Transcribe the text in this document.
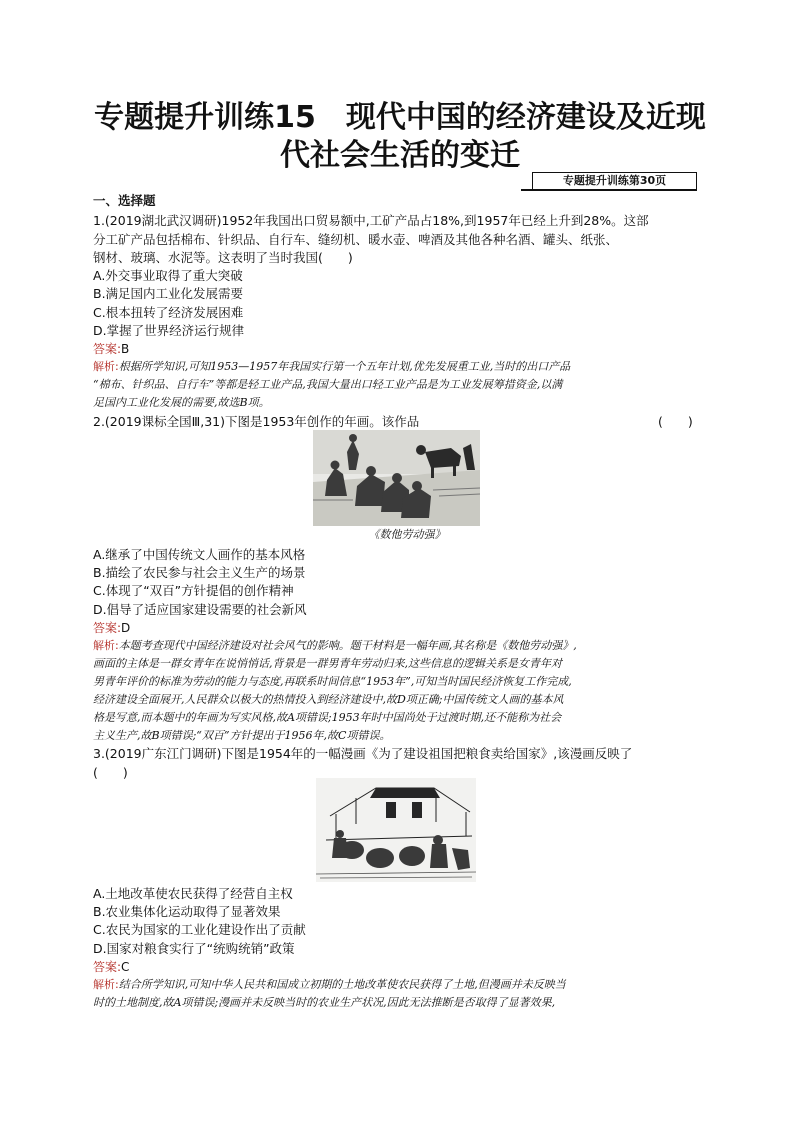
专题提升训练15　现代中国的经济建设及近现
代社会生活的变迁
专题提升训练第30页
一、选择题
1.(2019湖北武汉调研)1952年我国出口贸易额中,工矿产品占18%,到1957年已经上升到28%。这部
分工矿产品包括棉布、针织品、自行车、缝纫机、暖水壶、啤酒及其他各种名酒、罐头、纸张、
钢材、玻璃、水泥等。这表明了当时我国(　　)
A.外交事业取得了重大突破
B.满足国内工业化发展需要
C.根本扭转了经济发展困难
D.掌握了世界经济运行规律
答案:B
解析:根据所学知识,可知1953—1957年我国实行第一个五年计划,优先发展重工业,当时的出口产品
“棉布、针织品、自行车”等都是轻工业产品,我国大量出口轻工业产品是为工业发展筹措资金,以满
足国内工业化发展的需要,故选B项。
2.(2019课标全国Ⅲ,31)下图是1953年创作的年画。该作品	(　　)
《数他劳动强》
A.继承了中国传统文人画作的基本风格
B.描绘了农民参与社会主义生产的场景
C.体现了“双百”方针提倡的创作精神
D.倡导了适应国家建设需要的社会新风
答案:D
解析:本题考查现代中国经济建设对社会风气的影响。题干材料是一幅年画,其名称是《数他劳动强》,
画面的主体是一群女青年在说悄悄话,背景是一群男青年劳动归来,这些信息的逻辑关系是女青年对
男青年评价的标准为劳动的能力与态度,再联系时间信息“1953年”,可知当时国民经济恢复工作完成,
经济建设全面展开,人民群众以极大的热情投入到经济建设中,故D项正确;中国传统文人画的基本风
格是写意,而本题中的年画为写实风格,故A项错误;1953年时中国尚处于过渡时期,还不能称为社会
主义生产,故B项错误;“双百”方针提出于1956年,故C项错误。
3.(2019广东江门调研)下图是1954年的一幅漫画《为了建设祖国把粮食卖给国家》,该漫画反映了
(　　)
A.土地改革使农民获得了经营自主权
B.农业集体化运动取得了显著效果
C.农民为国家的工业化建设作出了贡献
D.国家对粮食实行了“统购统销”政策
答案:C
解析:结合所学知识,可知中华人民共和国成立初期的土地改革使农民获得了土地,但漫画并未反映当
时的土地制度,故A项错误;漫画并未反映当时的农业生产状况,因此无法推断是否取得了显著效果,
